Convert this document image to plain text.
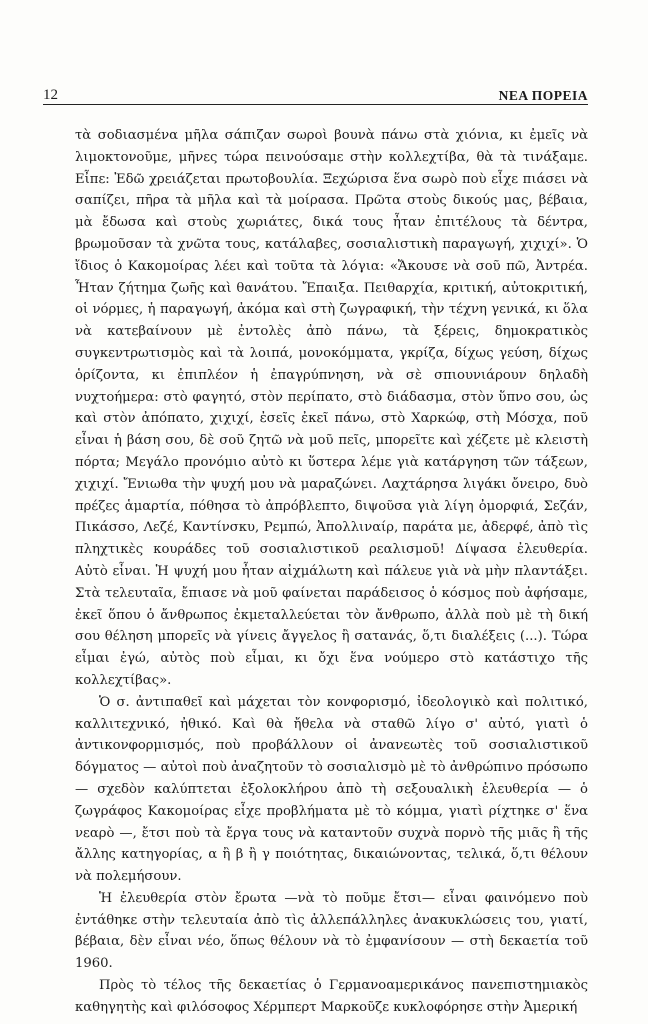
12	ΝΕΑ ΠΟΡΕΙΑ

τὰ σοδιασμένα μῆλα σάπιζαν σωροὶ βουνὰ πάνω στὰ χιόνια, κι ἐμεῖς νὰ λιμοκτονοῦμε, μῆνες τώρα πεινούσαμε στὴν κολλεχτίβα, θὰ τὰ τινάξαμε. Εἶπε: Ἐδῶ χρειάζεται πρωτοβουλία. Ξεχώρισα ἕνα σωρὸ ποὺ εἶχε πιάσει νὰ σαπίζει, πῆρα τὰ μῆλα καὶ τὰ μοίρασα. Πρῶτα στοὺς δικούς μας, βέβαια, μὰ ἔδωσα καὶ στοὺς χωριάτες, δικά τους ἦταν ἐπιτέλους τὰ δέντρα, βρωμοῦσαν τὰ χνῶτα τους, κατάλαβες, σοσιαλιστικὴ παραγωγή, χιχιχί». Ὁ ἴδιος ὁ Κακομοίρας λέει καὶ τοῦτα τὰ λόγια: «Ἄκουσε νὰ σοῦ πῶ, Ἀντρέα. Ἦταν ζήτημα ζωῆς καὶ θανάτου. Ἔπαιξα. Πειθαρχία, κριτική, αὐτοκριτική, οἱ νόρμες, ἡ παραγωγή, ἀκόμα καὶ στὴ ζωγραφική, τὴν τέχνη γενικά, κι ὅλα νὰ κατεβαίνουν μὲ ἐντολὲς ἀπὸ πάνω, τὰ ξέρεις, δημοκρατικὸς συγκεντρωτισμὸς καὶ τὰ λοιπά, μονοκόμματα, γκρίζα, δίχως γεύση, δίχως ὁρίζοντα, κι ἐπιπλέον ἡ ἐπαγρύπνηση, νὰ σὲ σπιουνιάρουν δηλαδὴ νυχτοήμερα: στὸ φαγητό, στὸν περίπατο, στὸ διάδασμα, στὸν ὕπνο σου, ὡς καὶ στὸν ἀπόπατο, χιχιχί, ἐσεῖς ἐκεῖ πάνω, στὸ Χαρκώφ, στὴ Μόσχα, ποῦ εἶναι ἡ βάση σου, δὲ σοῦ ζητῶ νὰ μοῦ πεῖς, μπορεῖτε καὶ χέζετε μὲ κλειστὴ πόρτα; Μεγάλο προνόμιο αὐτὸ κι ὕστερα λέμε γιὰ κατάργηση τῶν τάξεων, χιχιχί. Ἔνιωθα τὴν ψυχή μου νὰ μαραζώνει. Λαχτάρησα λιγάκι ὄνειρο, δυὸ πρέζες ἁμαρτία, πόθησα τὸ ἀπρόβλεπτο, διψοῦσα γιὰ λίγη ὀμορφιά, Σεζάν, Πικάσσο, Λεζέ, Καντίνσκυ, Ρεμπώ, Ἀπολλιναίρ, παράτα με, ἀδερφέ, ἀπὸ τὶς πληχτικὲς κουράδες τοῦ σοσιαλιστικοῦ ρεαλισμοῦ! Δίψασα ἐλευθερία. Αὐτὸ εἶναι. Ἡ ψυχή μου ἦταν αἰχμάλωτη καὶ πάλευε γιὰ νὰ μὴν πλαντάξει. Στὰ τελευταῖα, ἔπιασε νὰ μοῦ φαίνεται παράδεισος ὁ κόσμος ποὺ ἀφήσαμε, ἐκεῖ ὅπου ὁ ἄνθρωπος ἐκμεταλλεύεται τὸν ἄνθρωπο, ἀλλὰ ποὺ μὲ τὴ δική σου θέληση μπορεῖς νὰ γίνεις ἄγγελος ἢ σατανάς, ὅ,τι διαλέξεις (...). Τώρα εἶμαι ἐγώ, αὐτὸς ποὺ εἶμαι, κι ὄχι ἕνα νούμερο στὸ κατάστιχο τῆς κολλεχτίβας».

Ὁ σ. ἀντιπαθεῖ καὶ μάχεται τὸν κονφορισμό, ἰδεολογικὸ καὶ πολιτικό, καλλιτεχνικό, ἠθικό. Καὶ θὰ ἤθελα νὰ σταθῶ λίγο σ' αὐτό, γιατὶ ὁ ἀντικονφορμισμός, ποὺ προβάλλουν οἱ ἀνανεωτὲς τοῦ σοσιαλιστικοῦ δόγματος — αὐτοὶ ποὺ ἀναζητοῦν τὸ σοσιαλισμὸ μὲ τὸ ἀνθρώπινο πρόσωπο — σχεδὸν καλύπτεται ἐξολοκλήρου ἀπὸ τὴ σεξουαλικὴ ἐλευθερία — ὁ ζωγράφος Κακομοίρας εἶχε προβλήματα μὲ τὸ κόμμα, γιατὶ ρίχτηκε σ' ἕνα νεαρὸ —, ἔτσι ποὺ τὰ ἔργα τους νὰ καταντοῦν συχνὰ πορνὸ τῆς μιᾶς ἢ τῆς ἄλλης κατηγορίας, α ἢ β ἢ γ ποιότητας, δικαιώνοντας, τελικά, ὅ,τι θέλουν νὰ πολεμήσουν.

Ἡ ἐλευθερία στὸν ἔρωτα —νὰ τὸ ποῦμε ἔτσι— εἶναι φαινόμενο ποὺ ἐντάθηκε στὴν τελευταία ἀπὸ τὶς ἀλλεπάλληλες ἀνακυκλώσεις του, γιατί, βέβαια, δὲν εἶναι νέο, ὅπως θέλουν νὰ τὸ ἐμφανίσουν — στὴ δεκαετία τοῦ 1960.

Πρὸς τὸ τέλος τῆς δεκαετίας ὁ Γερμανοαμερικάνος πανεπιστημιακὸς καθηγητὴς καὶ φιλόσοφος Χέρμπερτ Μαρκοῦζε κυκλοφόρησε στὴν Ἀμερική
